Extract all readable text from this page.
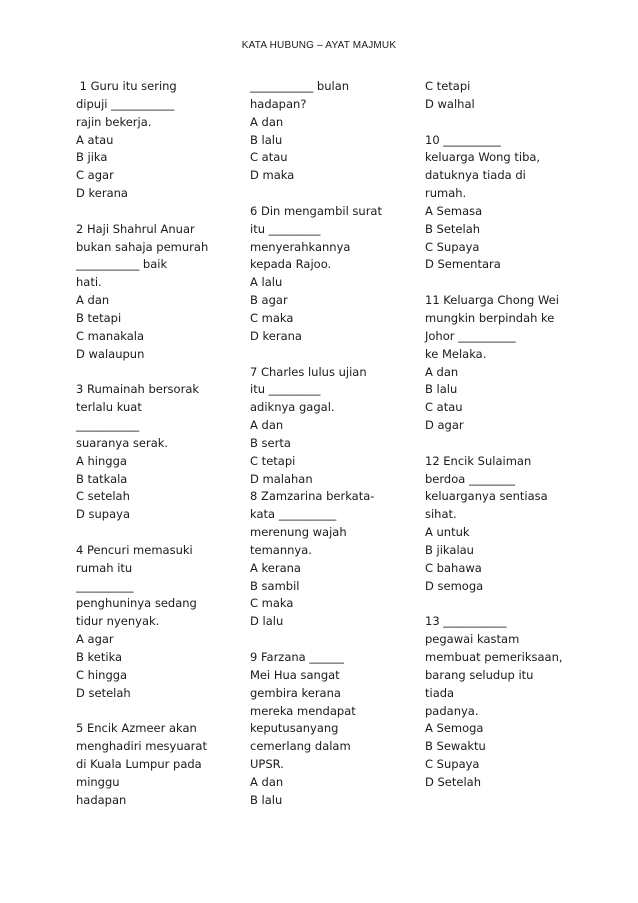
KATA HUBUNG – AYAT MAJMUK
1 Guru itu sering
dipuji ___________
rajin bekerja.
A atau
B jika
C agar
D kerana
2 Haji Shahrul Anuar
bukan sahaja pemurah
___________ baik
hati.
A dan
B tetapi
C manakala
D walaupun
3 Rumainah bersorak
terlalu kuat
___________
suaranya serak.
A hingga
B tatkala
C setelah
D supaya
4 Pencuri memasuki
rumah itu
__________
penghuninya sedang
tidur nyenyak.
A agar
B ketika
C hingga
D setelah
5 Encik Azmeer akan
menghadiri mesyuarat
di Kuala Lumpur pada
minggu
hadapan
___________ bulan
hadapan?
A dan
B lalu
C atau
D maka
6 Din mengambil surat
itu _________
menyerahkannya
kepada Rajoo.
A lalu
B agar
C maka
D kerana
7 Charles lulus ujian
itu _________
adiknya gagal.
A dan
B serta
C tetapi
D malahan
8 Zamzarina berkata-
kata __________
merenung wajah
temannya.
A kerana
B sambil
C maka
D lalu
9 Farzana ______
Mei Hua sangat
gembira kerana
mereka mendapat
keputusanyang
cemerlang dalam
UPSR.
A dan
B lalu
C tetapi
D walhal
10 __________
keluarga Wong tiba,
datuknya tiada di
rumah.
A Semasa
B Setelah
C Supaya
D Sementara
11 Keluarga Chong Wei
mungkin berpindah ke
Johor __________
ke Melaka.
A dan
B lalu
C atau
D agar
12 Encik Sulaiman
berdoa ________
keluarganya sentiasa
sihat.
A untuk
B jikalau
C bahawa
D semoga
13 ___________
pegawai kastam
membuat pemeriksaan,
barang seludup itu
tiada
padanya.
A Semoga
B Sewaktu
C Supaya
D Setelah
